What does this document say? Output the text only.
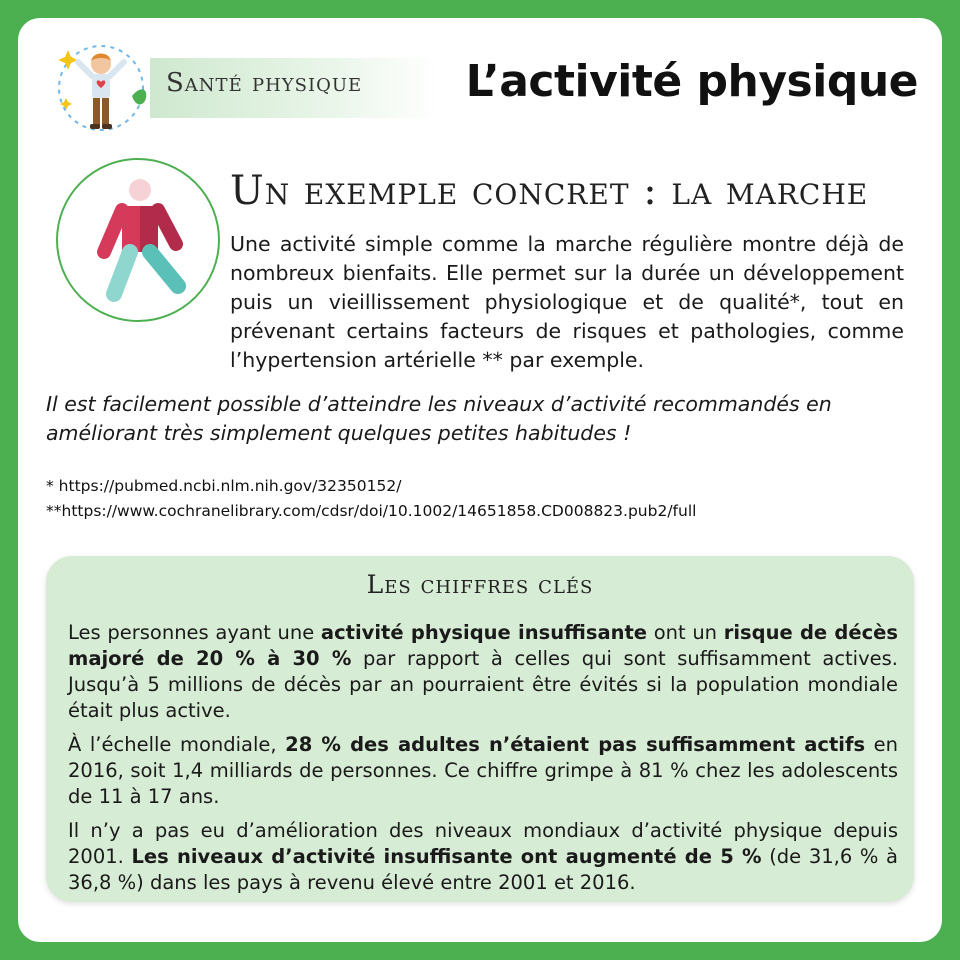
Santé physique L’activité physique
Un exemple concret : la marche

Une activité simple comme la marche régulière montre déjà de nombreux bienfaits. Elle permet sur la durée un développement puis un vieillissement physiologique et de qualité*, tout en prévenant certains facteurs de risques et pathologies, comme l’hypertension artérielle ** par exemple.

Il est facilement possible d’atteindre les niveaux d’activité recommandés en améliorant très simplement quelques petites habitudes !

* https://pubmed.ncbi.nlm.nih.gov/32350152/
**https://www.cochranelibrary.com/cdsr/doi/10.1002/14651858.CD008823.pub2/full
Les chiffres clés

Les personnes ayant une activité physique insuffisante ont un risque de décès majoré de 20 % à 30 % par rapport à celles qui sont suffisamment actives. Jusqu’à 5 millions de décès par an pourraient être évités si la population mondiale était plus active.

À l’échelle mondiale, 28 % des adultes n’étaient pas suffisamment actifs en 2016, soit 1,4 milliards de personnes. Ce chiffre grimpe à 81 % chez les adolescents de 11 à 17 ans.

Il n’y a pas eu d’amélioration des niveaux mondiaux d’activité physique depuis 2001. Les niveaux d’activité insuffisante ont augmenté de 5 % (de 31,6 % à 36,8 %) dans les pays à revenu élevé entre 2001 et 2016.
